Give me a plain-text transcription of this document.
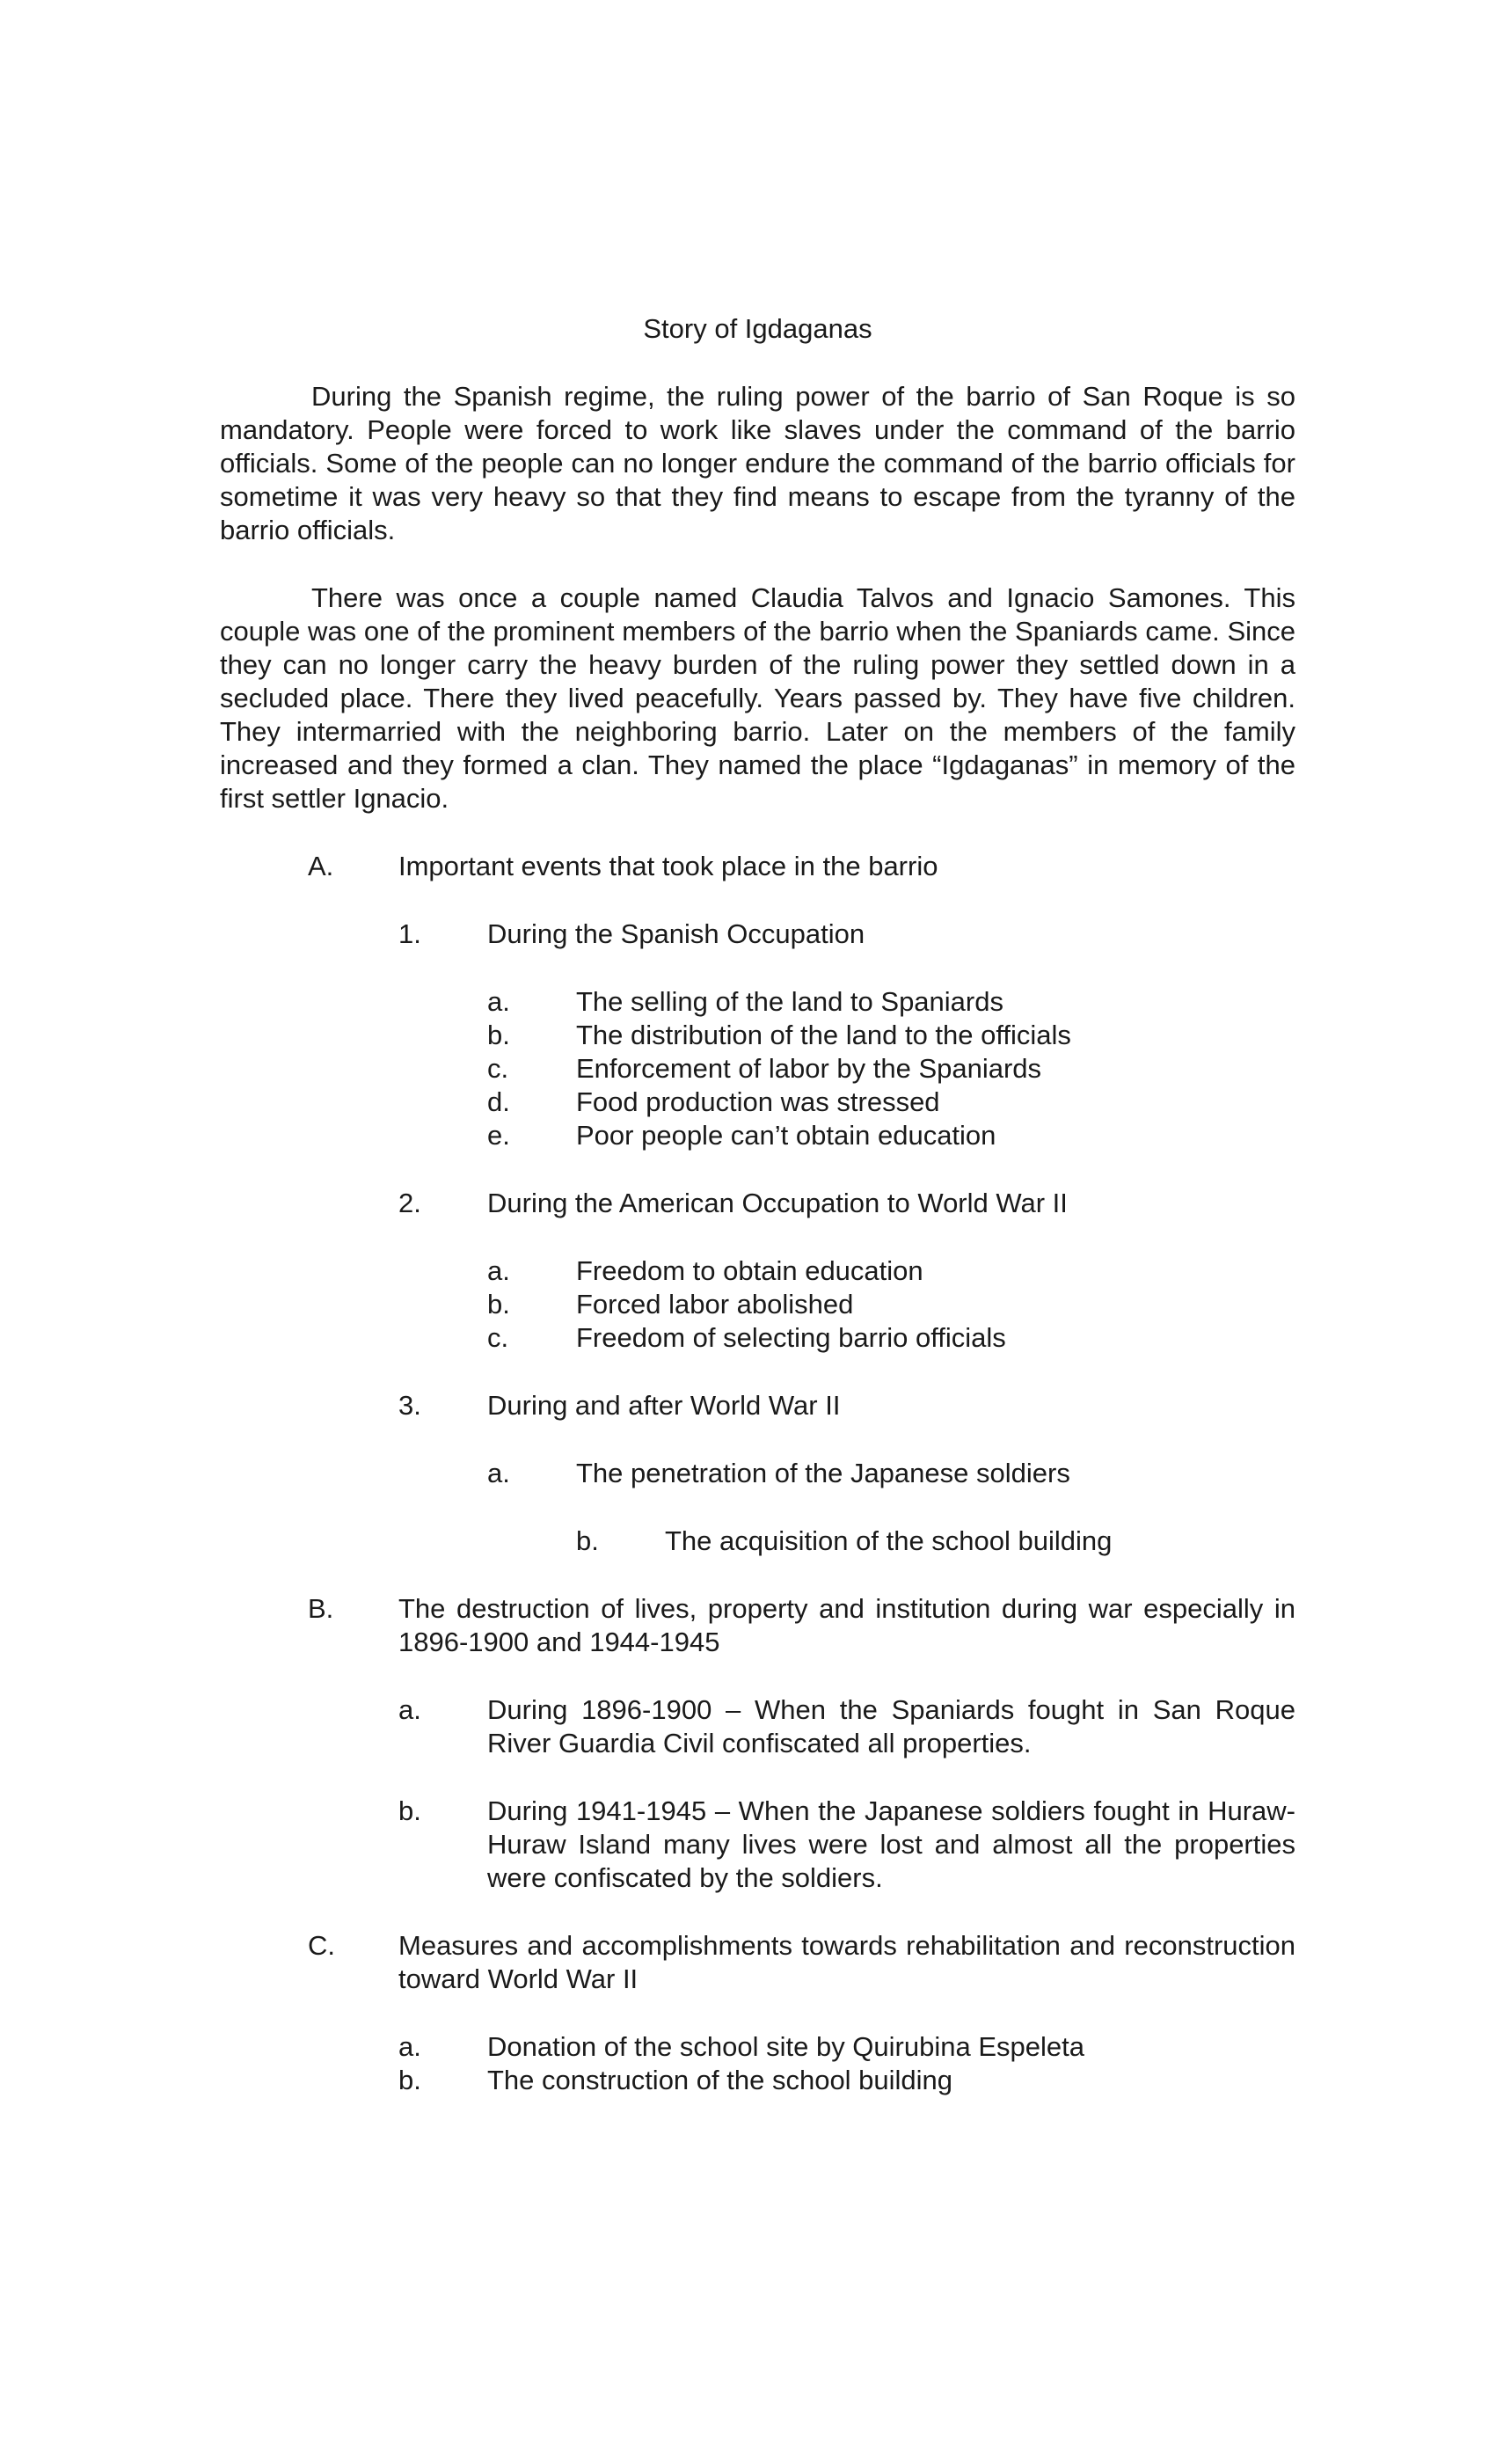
Story of Igdaganas

During the Spanish regime, the ruling power of the barrio of San Roque is so mandatory. People were forced to work like slaves under the command of the barrio officials. Some of the people can no longer endure the command of the barrio officials for sometime it was very heavy so that they find means to escape from the tyranny of the barrio officials.

There was once a couple named Claudia Talvos and Ignacio Samones. This couple was one of the prominent members of the barrio when the Spaniards came. Since they can no longer carry the heavy burden of the ruling power they settled down in a secluded place. There they lived peacefully. Years passed by. They have five children. They intermarried with the neighboring barrio. Later on the members of the family increased and they formed a clan. They named the place “Igdaganas” in memory of the first settler Ignacio.

A.	Important events that took place in the barrio
1.	During the Spanish Occupation
a.	The selling of the land to Spaniards
b.	The distribution of the land to the officials
c.	Enforcement of labor by the Spaniards
d.	Food production was stressed
e.	Poor people can’t obtain education
2.	During the American Occupation to World War II
a.	Freedom to obtain education
b.	Forced labor abolished
c.	Freedom of selecting barrio officials
3.	During and after World War II
a.	The penetration of the Japanese soldiers
b.	The acquisition of the school building
B.	The destruction of lives, property and institution during war especially in 1896-1900 and 1944-1945
a.	During 1896-1900 – When the Spaniards fought in San Roque River Guardia Civil confiscated all properties.
b.	During 1941-1945 – When the Japanese soldiers fought in Huraw-Huraw Island many lives were lost and almost all the properties were confiscated by the soldiers.
C.	Measures and accomplishments towards rehabilitation and reconstruction toward World War II
a.	Donation of the school site by Quirubina Espeleta
b.	The construction of the school building
